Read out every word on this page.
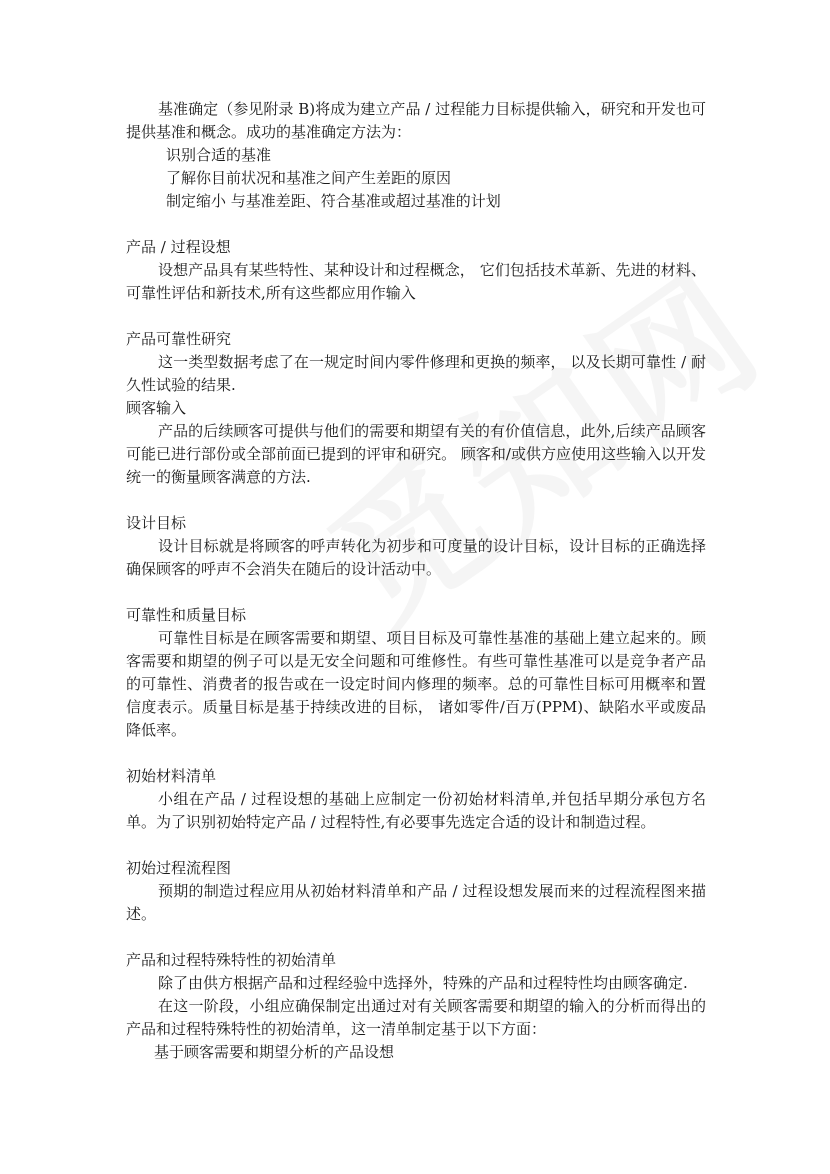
基准确定（参见附录 B)将成为建立产品 / 过程能力目标提供输入，研究和开发也可提供基准和概念。成功的基准确定方法为：

识别合适的基准

了解你目前状况和基准之间产生差距的原因

制定缩小 与基准差距、符合基准或超过基准的计划

产品 / 过程设想

设想产品具有某些特性、某种设计和过程概念， 它们包括技术革新、先进的材料、可靠性评估和新技术,所有这些都应用作输入

产品可靠性研究

这一类型数据考虑了在一规定时间内零件修理和更换的频率， 以及长期可靠性 / 耐久性试验的结果.

顾客输入

产品的后续顾客可提供与他们的需要和期望有关的有价值信息，此外,后续产品顾客可能已进行部份或全部前面已提到的评审和研究。 顾客和/或供方应使用这些输入以开发统一的衡量顾客满意的方法.

设计目标

设计目标就是将顾客的呼声转化为初步和可度量的设计目标，设计目标的正确选择确保顾客的呼声不会消失在随后的设计活动中。

可靠性和质量目标

可靠性目标是在顾客需要和期望、项目目标及可靠性基准的基础上建立起来的。顾客需要和期望的例子可以是无安全问题和可维修性。有些可靠性基准可以是竞争者产品的可靠性、消费者的报告或在一设定时间内修理的频率。总的可靠性目标可用概率和置信度表示。质量目标是基于持续改进的目标， 诸如零件/百万(PPM)、缺陷水平或废品降低率。

初始材料清单

小组在产品 / 过程设想的基础上应制定一份初始材料清单,并包括早期分承包方名单。为了识别初始特定产品 / 过程特性,有必要事先选定合适的设计和制造过程。

初始过程流程图

预期的制造过程应用从初始材料清单和产品 / 过程设想发展而来的过程流程图来描述。

产品和过程特殊特性的初始清单

除了由供方根据产品和过程经验中选择外，特殊的产品和过程特性均由顾客确定.

在这一阶段，小组应确保制定出通过对有关顾客需要和期望的输入的分析而得出的产品和过程特殊特性的初始清单，这一清单制定基于以下方面：

基于顾客需要和期望分析的产品设想
